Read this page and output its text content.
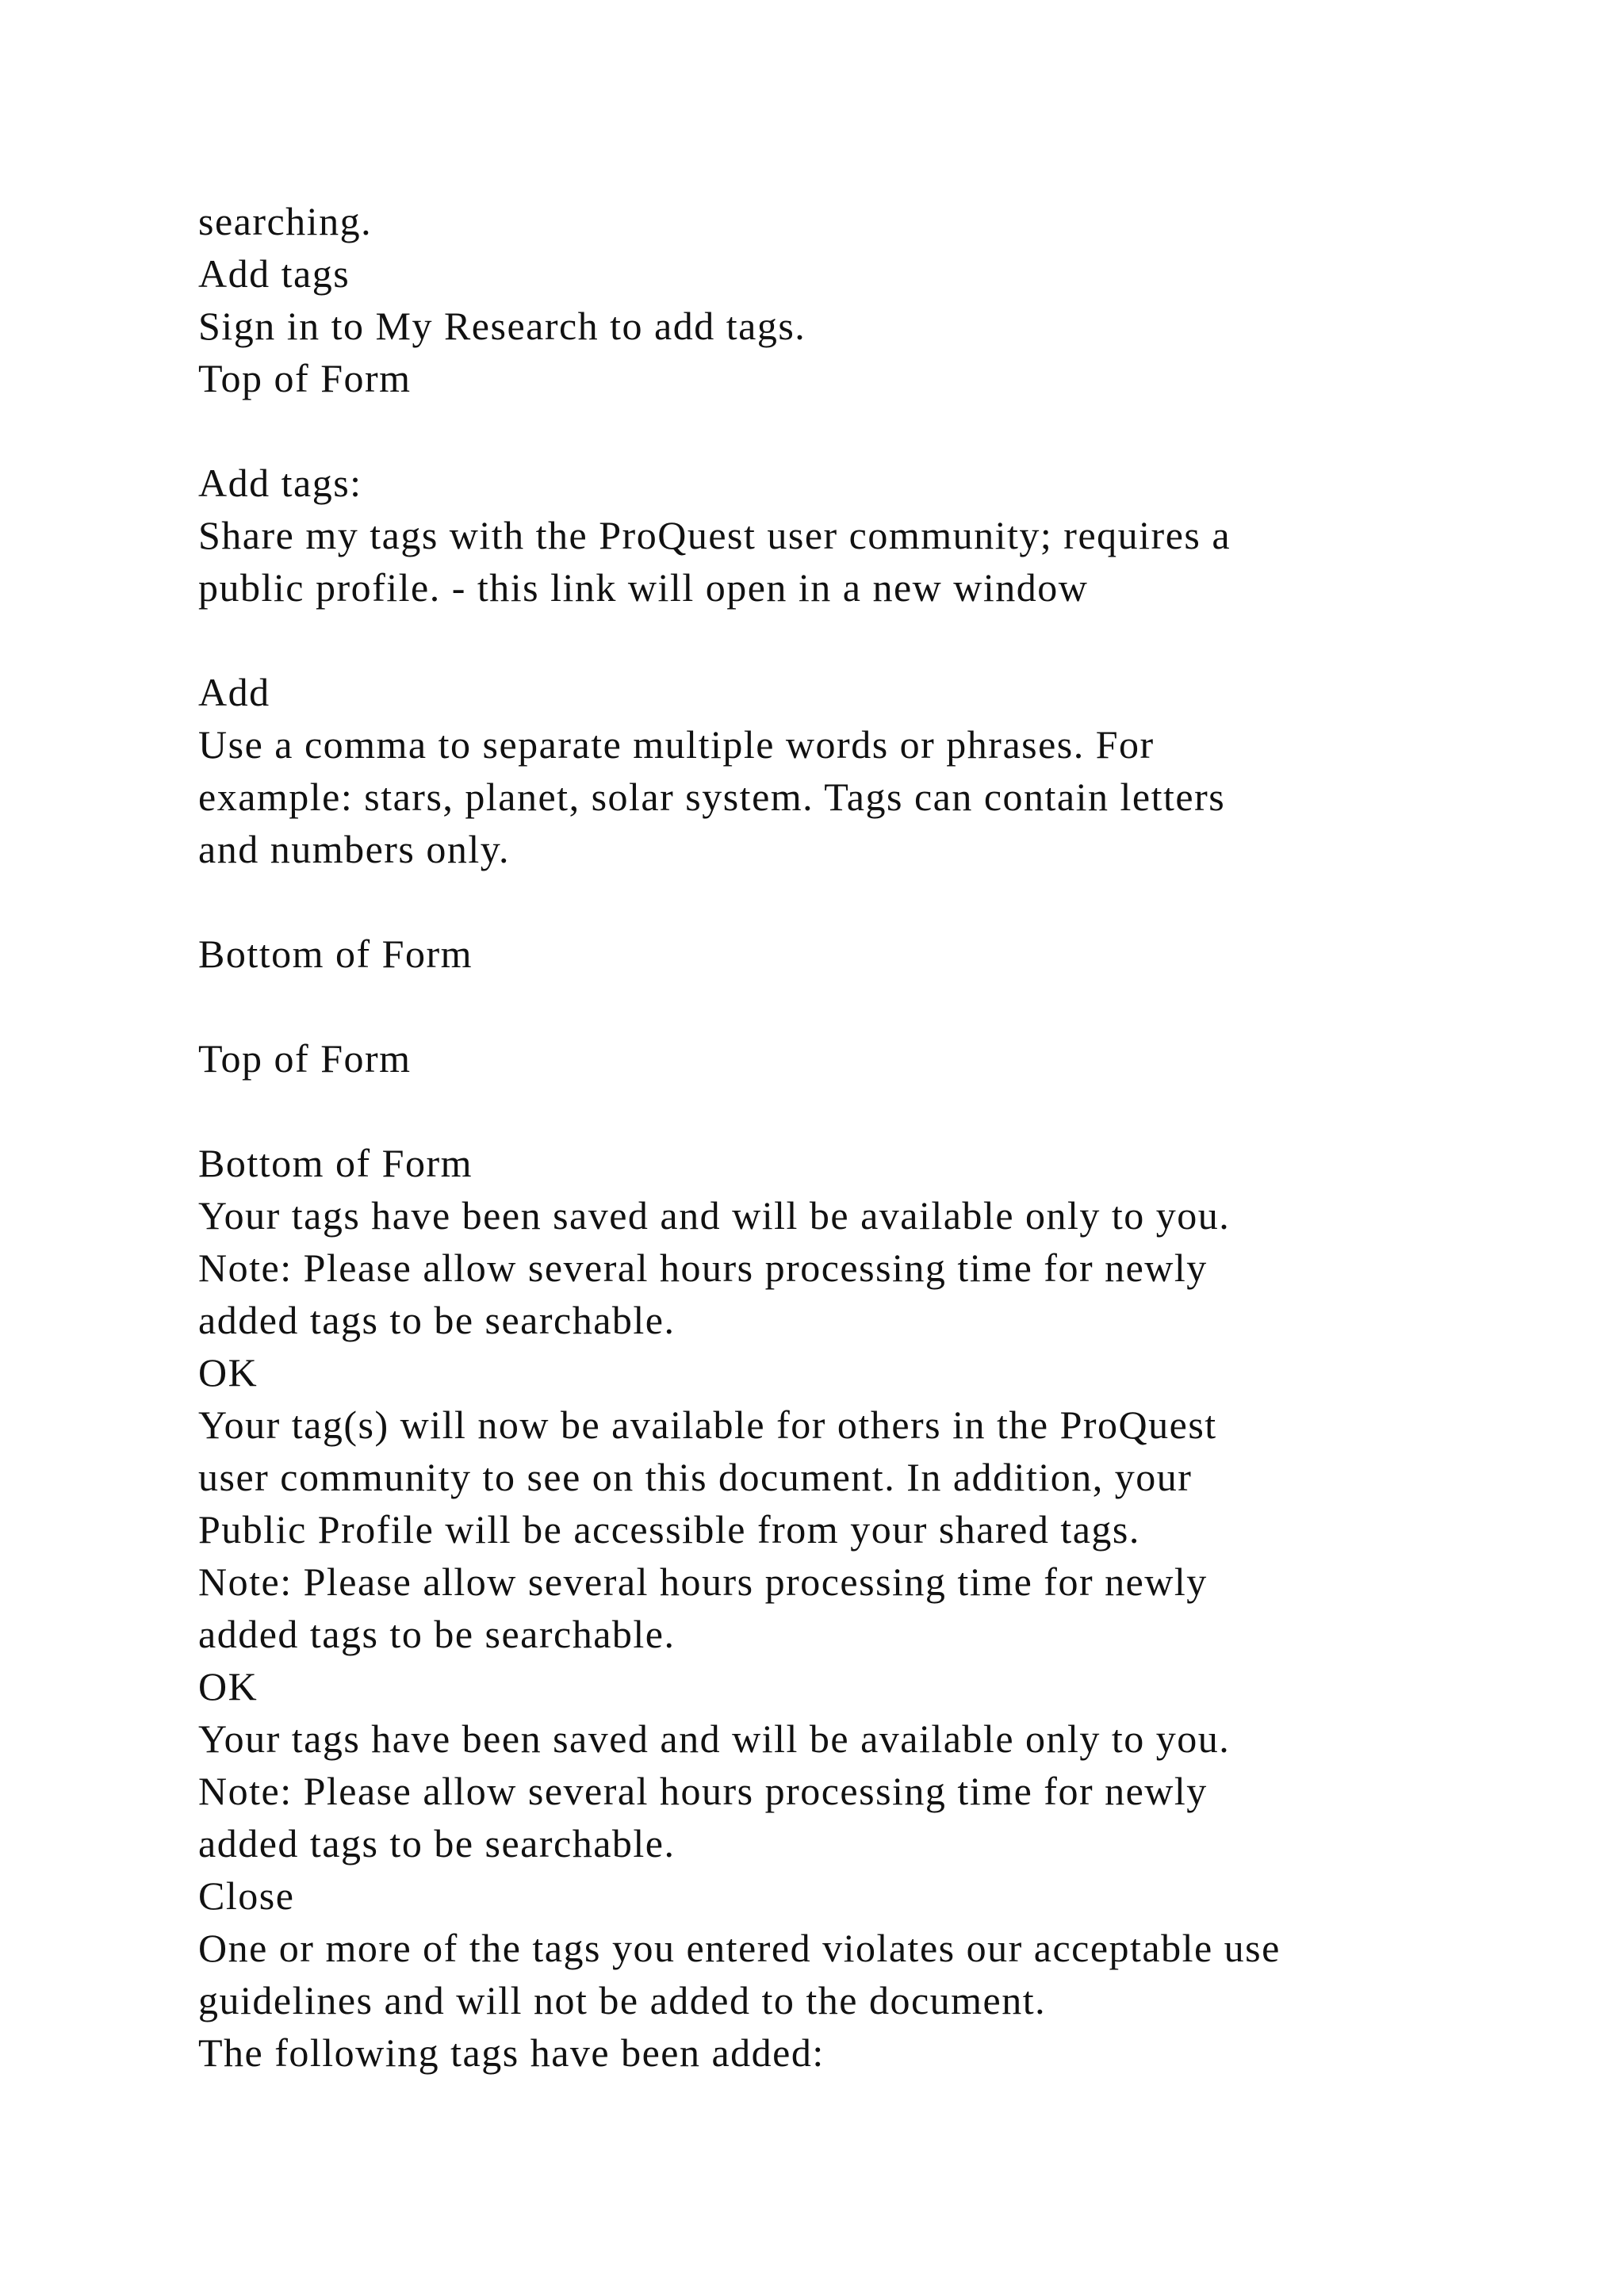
searching.
Add tags
Sign in to My Research to add tags.
Top of Form
Add tags:
Share my tags with the ProQuest user community; requires a
public profile. - this link will open in a new window
Add
Use a comma to separate multiple words or phrases. For
example: stars, planet, solar system. Tags can contain letters
and numbers only.
Bottom of Form
Top of Form
Bottom of Form
Your tags have been saved and will be available only to you.
Note: Please allow several hours processing time for newly
added tags to be searchable.
OK
Your tag(s) will now be available for others in the ProQuest
user community to see on this document. In addition, your
Public Profile will be accessible from your shared tags.
Note: Please allow several hours processing time for newly
added tags to be searchable.
OK
Your tags have been saved and will be available only to you.
Note: Please allow several hours processing time for newly
added tags to be searchable.
Close
One or more of the tags you entered violates our acceptable use
guidelines and will not be added to the document.
The following tags have been added:
